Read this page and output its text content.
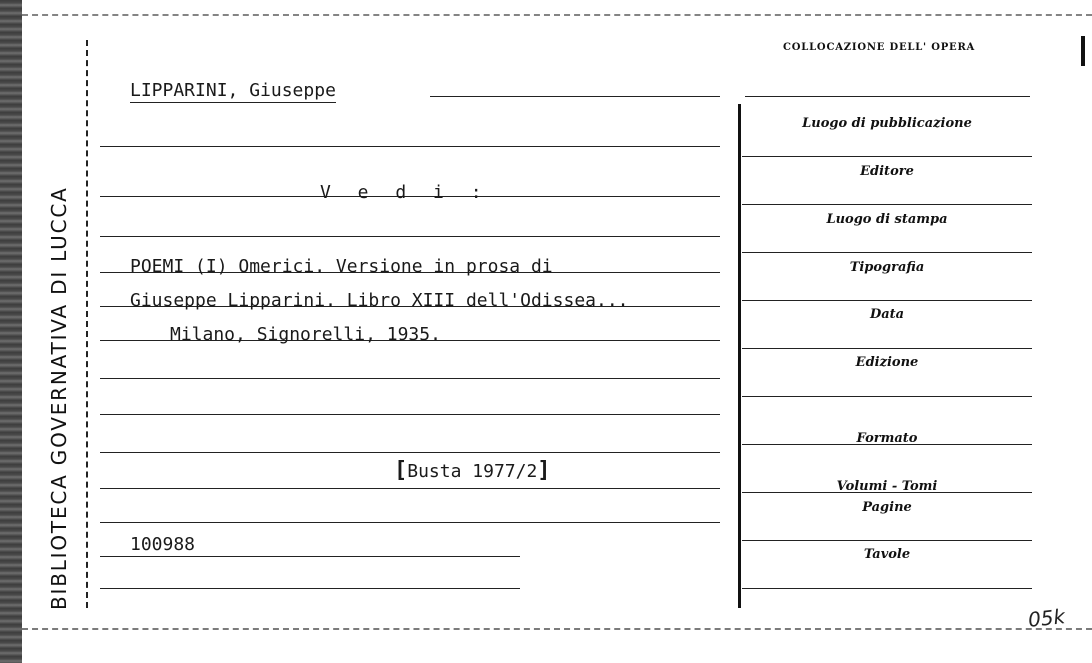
BIBLIOTECA GOVERNATIVA DI LUCCA
LIPPARINI, Giuseppe
V e d i :
POEMI (I) Omerici. Versione in prosa di
Giuseppe Lipparini. Libro XIII dell'Odissea...
Milano, Signorelli, 1935.
[Busta 1977/2]
100988
COLLOCAZIONE DELL' OPERA
Luogo di pubblicazione
Editore
Luogo di stampa
Tipografia
Data
Edizione
Formato
Volumi - Tomi
Pagine
Tavole
05k
